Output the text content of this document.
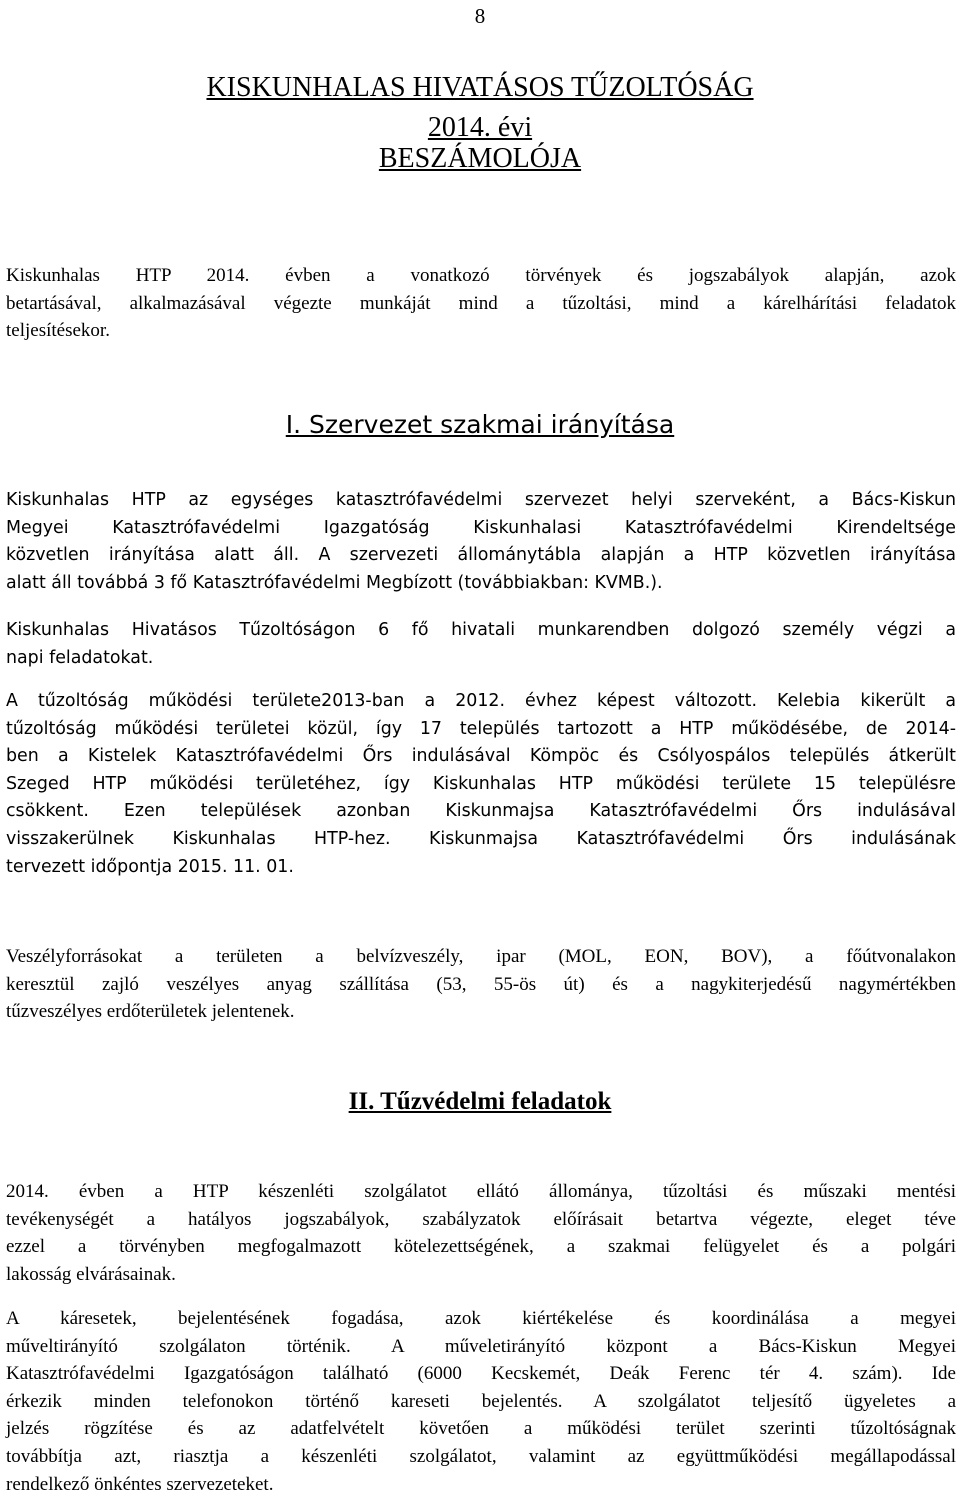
8
KISKUNHALAS HIVATÁSOS TŰZOLTÓSÁG
2014. évi
BESZÁMOLÓJA
Kiskunhalas HTP 2014. évben a vonatkozó törvények és jogszabályok alapján, azok
betartásával, alkalmazásával végezte munkáját mind a tűzoltási, mind a kárelhárítási feladatok
teljesítésekor.
I. Szervezet szakmai irányítása
Kiskunhalas HTP az egységes katasztrófavédelmi szervezet helyi szerveként, a Bács-Kiskun
Megyei Katasztrófavédelmi Igazgatóság Kiskunhalasi Katasztrófavédelmi Kirendeltsége
közvetlen irányítása alatt áll. A szervezeti állománytábla alapján a HTP közvetlen irányítása
alatt áll továbbá 3 fő Katasztrófavédelmi Megbízott (továbbiakban: KVMB.).
Kiskunhalas Hivatásos Tűzoltóságon 6 fő hivatali munkarendben dolgozó személy végzi a
napi feladatokat.
A tűzoltóság működési területe2013-ban a 2012. évhez képest változott. Kelebia kikerült a
tűzoltóság működési területei közül, így 17 település tartozott a HTP működésébe, de 2014-
ben a Kistelek Katasztrófavédelmi Őrs indulásával Kömpöc és Csólyospálos település átkerült
Szeged HTP működési területéhez, így Kiskunhalas HTP működési területe 15 településre
csökkent. Ezen települések azonban Kiskunmajsa Katasztrófavédelmi Őrs indulásával
visszakerülnek Kiskunhalas HTP-hez. Kiskunmajsa Katasztrófavédelmi Őrs indulásának
tervezett időpontja 2015. 11. 01.
Veszélyforrásokat a területen a belvízveszély, ipar (MOL, EON, BOV), a főútvonalakon
keresztül zajló veszélyes anyag szállítása (53, 55-ös út) és a nagykiterjedésű nagymértékben
tűzveszélyes erdőterületek jelentenek.
II. Tűzvédelmi feladatok
2014. évben a HTP készenléti szolgálatot ellátó állománya, tűzoltási és műszaki mentési
tevékenységét a hatályos jogszabályok, szabályzatok előírásait betartva végezte, eleget téve
ezzel a törvényben megfogalmazott kötelezettségének, a szakmai felügyelet és a polgári
lakosság elvárásainak.
A káresetek, bejelentésének fogadása, azok kiértékelése és koordinálása a megyei
műveltirányító szolgálaton történik. A műveletirányító központ a Bács-Kiskun Megyei
Katasztrófavédelmi Igazgatóságon található (6000 Kecskemét, Deák Ferenc tér 4. szám). Ide
érkezik minden telefonokon történő kareseti bejelentés. A szolgálatot teljesítő ügyeletes a
jelzés rögzítése és az adatfelvételt követően a működési terület szerinti tűzoltóságnak
továbbítja azt, riasztja a készenléti szolgálatot, valamint az együttműködési megállapodással
rendelkező önkéntes szervezeteket.
